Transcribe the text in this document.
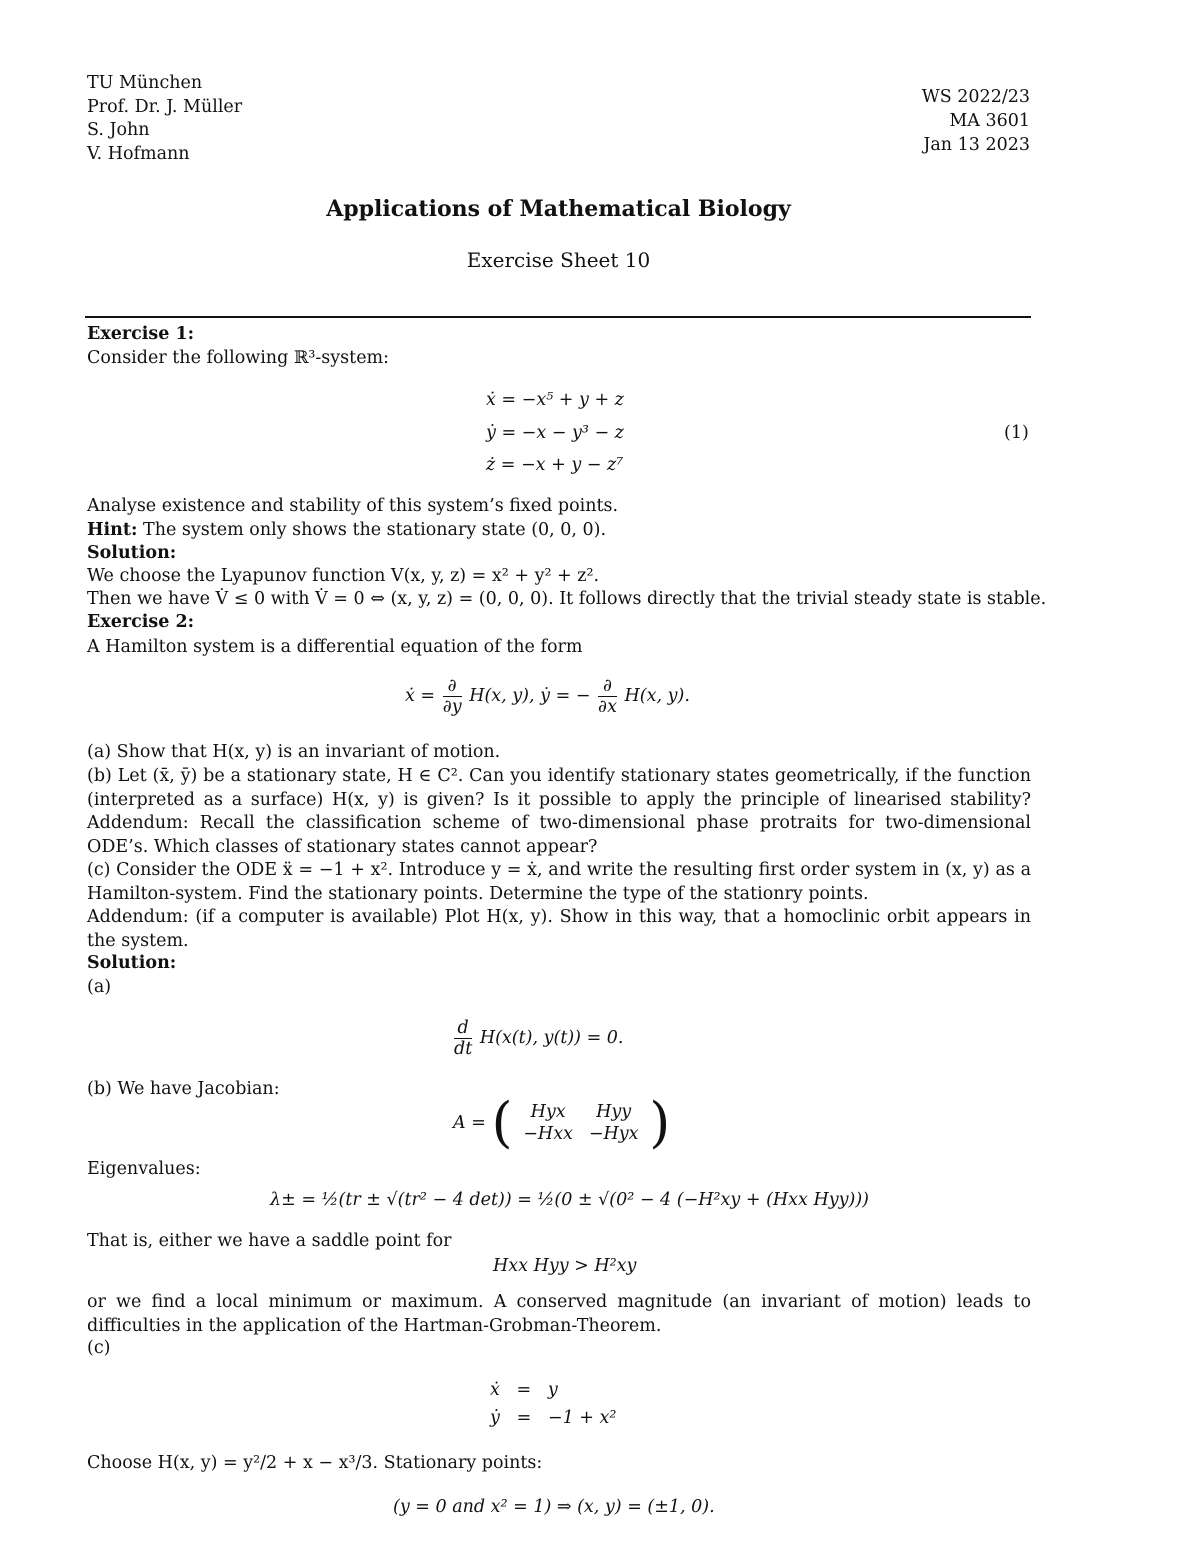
TU München
Prof. Dr. J. Müller
S. John
V. Hofmann
WS 2022/23
MA 3601
Jan 13 2023
Applications of Mathematical Biology
Exercise Sheet 10
Exercise 1:
Consider the following ℝ³-system:
ẋ = −x⁵ + y + z
ẏ = −x − y³ − z
ż = −x + y − z⁷
(1)
Analyse existence and stability of this system’s fixed points.
Hint: The system only shows the stationary state (0, 0, 0).
Solution:
We choose the Lyapunov function V(x, y, z) = x² + y² + z².
Then we have V̇ ≤ 0 with V̇ = 0 ⇔ (x, y, z) = (0, 0, 0). It follows directly that the trivial steady state is stable.
Exercise 2:
A Hamilton system is a differential equation of the form
ẋ = $\frac{\partial}{\partial y} H(x$, y), ẏ = − $\frac{\partial}{\partial x} H(x$, y).
(a) Show that H(x, y) is an invariant of motion.
(b) Let (x̄, ȳ) be a stationary state, H ∈ C². Can you identify stationary states geometrically, if the function (interpreted as a surface) H(x, y) is given? Is it possible to apply the principle of linearised stability? Addendum: Recall the classification scheme of two-dimensional phase protraits for two-dimensional ODE’s. Which classes of stationary states cannot appear?
(c) Consider the ODE ẍ = −1 + x². Introduce y = ẋ, and write the resulting first order system in (x, y) as a Hamilton-system. Find the stationary points. Determine the type of the stationry points.
Addendum: (if a computer is available) Plot H(x, y). Show in this way, that a homoclinic orbit appears in the system.
Solution:
(a)
$\frac{d}{dt} H(x(t)$, y(t)) = 0.
(b) We have Jacobian:
A = (	Hyx Hyy
−Hxx −Hyx )
Eigenvalues:
λ± = ½(tr ± √(tr² − 4 det)) = ½(0 ± √(0² − 4 (−H²xy + (Hxx Hyy)))
That is, either we have a saddle point for
Hxx Hyy > H²xy
or we find a local minimum or maximum. A conserved magnitude (an invariant of motion) leads to difficulties in the application of the Hartman-Grobman-Theorem.
(c)
ẋ   =   y
ẏ   =   −1 + x²
Choose H(x, y) = y²/2 + x − x³/3. Stationary points:
(y = 0 and x² = 1) ⇒ (x, y) = (±1, 0).
